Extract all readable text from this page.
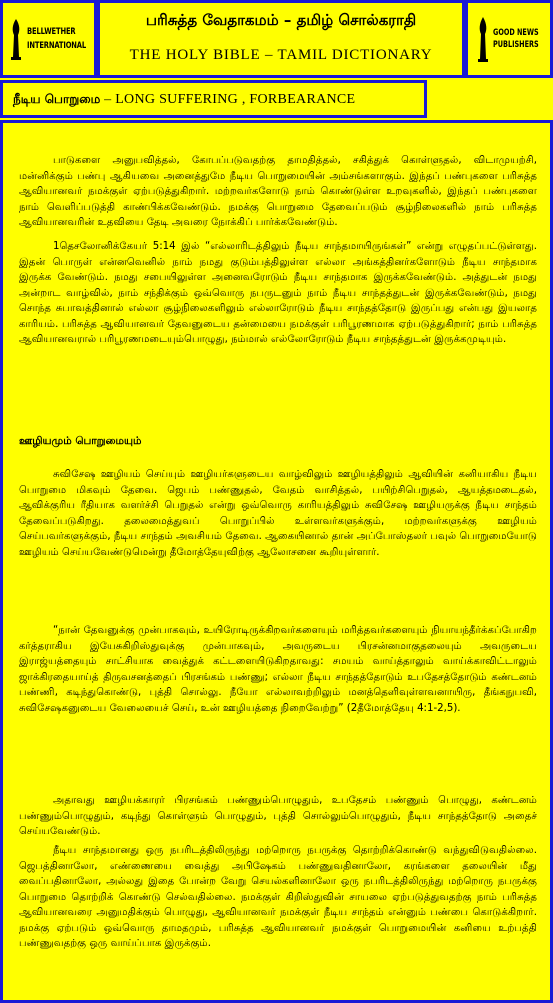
BELLWETHER
INTERNATIONAL
பரிசுத்த வேதாகமம் – தமிழ் சொல்கராதி
THE HOLY BIBLE – TAMIL DICTIONARY
GOOD NEWS
PUBLISHERS
நீடிய பொறுமை – LONG SUFFERING , FORBEARANCE

பாடுகளை அனுபவித்தல், கோபப்படுவதற்கு தாமதித்தல், சகித்துக் கொள்ளுதல், விடாமுயற்சி, மன்னிக்கும் பண்பு ஆகியவை அனைத்துமே நீடிய பொறுமையின் அம்சங்களாகும். இந்தப் பண்புகளை பரிசுத்த ஆவியானவர் நமக்குள் ஏற்படுத்துகிறார். மற்றவர்களோடு நாம் கொண்டுள்ள உறவுகளில், இந்தப் பண்புகளை நாம் வெளிப்படுத்தி காண்பிக்கவேண்டும். நமக்கு பொறுமை தேவைப்படும் சூழ்நிலைகளில் நாம் பரிசுத்த ஆவியானவரின் உதவியை தேடி அவரை நோக்கிப் பார்க்கவேண்டும்.

1தெசலோனிக்கேயர் 5:14 இல் “எல்லாரிடத்திலும் நீடிய சாந்தமாயிருங்கள்” என்று எழுதப்பட்டுள்ளது. இதன் பொருள் என்னவெனில் நாம் நமது குடும்பத்திலுள்ள எல்லா அங்கத்தினர்களோடும் நீடிய சாந்தமாக இருக்க வேண்டும். நமது சபையிலுள்ள அனைவரோடும் நீடிய சாந்தமாக இருக்கவேண்டும். அத்துடன் நமது அன்றாட வாழ்வில், நாம் சந்திக்கும் ஒவ்வொரு நபருடனும் நாம் நீடிய சாந்தத்துடன் இருக்கவேண்டும், நமது சொந்த சுபாவத்தினால் எல்லா சூழ்நிலைகளிலும் எல்லாரோடும் நீடிய சாந்தத்தோடு இருப்பது என்பது இயலாத காரியம். பரிசுத்த ஆவியானவர் தேவனுடைய தன்மையை நமக்குள் பரிபூரணமாக ஏற்படுத்துகிறார்; நாம் பரிசுத்த ஆவியானவரால் பரிபூரணமடையும்பொழுது, நம்மால் எல்லோரோடும் நீடிய சாந்தத்துடன் இருக்கமுடியும்.

ஊழியமும் பொறுமையும்

சுவிசேஷ ஊழியம் செய்யும் ஊழியர்களுடைய வாழ்விலும் ஊழியத்திலும் ஆவியின் கனியாகிய நீடிய பொறுமை மிகவும் தேவை. ஜெபம் பண்ணுதல், வேதம் வாசித்தல், பயிற்சிபெறுதல், ஆயத்தமடைதல், ஆவிக்குரிய ரீதியாக வளர்ச்சி பெறுதல் என்று ஒவ்வொரு காரியத்திலும் சுவிசேஷ ஊழியருக்கு நீடிய சாந்தம் தேவைப்படுகிறது. தலைமைத்துவப் பொறுப்பில் உள்ளவர்களுக்கும், மற்றவர்களுக்கு ஊழியம் செய்பவர்களுக்கும், நீடிய சாந்தம் அவசியம் தேவை. ஆகையினால் தான் அப்போஸ்தலர் பவுல் பொறுமையோடு ஊழியம் செய்யவேண்டுமென்று தீமோத்தேயுவிற்கு ஆலோசனை கூறியுள்ளார்.

“நான் தேவனுக்கு முன்பாகவும், உயிரோடிருக்கிறவர்களையும் மரித்தவர்களையும் நியாயந்தீர்க்கப்போகிற கர்த்தராகிய இயேசுகிறிஸ்துவுக்கு முன்பாகவும், அவருடைய பிரசன்னமாகுதலையும் அவருடைய இராஜ்யத்தையும் சாட்சியாக வைத்துக் கட்டளையிடுகிறதாவது: சமயம் வாய்த்தாலும் வாய்க்காவிட்டாலும் ஜாக்கிரதையாய்த் திருவசனத்தைப் பிரசங்கம் பண்ணு; எல்லா நீடிய சாந்தத்தோடும் உபதேசத்தோடும் கண்டனம் பண்ணி, கடிந்துகொண்டு, புத்தி சொல்லு. நீயோ எல்லாவற்றிலும் மனத்தெளிவுள்ளவனாயிரு, தீங்கநுபவி, சுவிசேஷகனுடைய வேலையைச் செய், உன் ஊழியத்தை நிறைவேற்று” (2தீமோத்தேயு 4:1-2,5).

அதாவது ஊழியக்காரர் பிரசங்கம் பண்ணும்பொழுதும், உபதேசம் பண்ணும் பொழுது, கண்டனம் பண்ணும்பொழுதும், கடிந்து கொள்ளும் பொழுதும், புத்தி சொல்லும்பொழுதும், நீடிய சாந்தத்தோடு அதைச் செய்யவேண்டும்.

நீடிய சாந்தமானது ஒரு நபரிடத்திலிருந்து மற்றொரு நபருக்கு தொற்றிக்கொண்டு வந்துவிடுவதில்லை. ஜெபத்தினாலோ, எண்ணையை வைத்து அபிஷேகம் பண்ணுவதினாலோ, கரங்களை தலையின் மீது வைப்பதினாலோ, அல்லது இதை போன்ற வேறு செயல்களினாலோ ஒரு நபரிடத்திலிருந்து மற்றொரு நபருக்கு பொறுமை தொற்றிக் கொண்டு செல்வதில்லை. நமக்குள் கிறிஸ்துவின் சாயலை ஏற்படுத்துவதற்கு நாம் பரிசுத்த ஆவியானவரை அனுமதிக்கும் பொழுது, ஆவியானவர் நமக்குள் நீடிய சாந்தம் என்னும் பண்பை கொடுக்கிறார். நமக்கு ஏற்படும் ஒவ்வொரு தாமதமும், பரிசுத்த ஆவியானவர் நமக்குள் பொறுமையின் கனியை உற்பத்தி பண்ணுவதற்கு ஒரு வாய்ப்பாக இருக்கும்.
